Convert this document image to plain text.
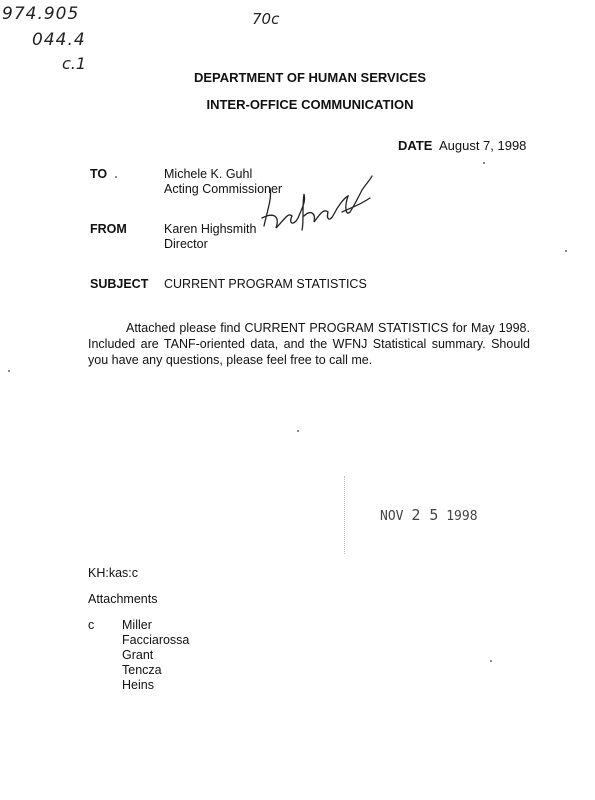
974.905
044.4
c.1
70c
DEPARTMENT OF HUMAN SERVICES
INTER-OFFICE COMMUNICATION
DATE August 7, 1998
TO	Michele K. Guhl
Acting Commissioner
FROM	Karen Highsmith
Director
SUBJECT CURRENT PROGRAM STATISTICS
Attached please find CURRENT PROGRAM STATISTICS for May 1998. Included are TANF-oriented data, and the WFNJ Statistical summary. Should you have any questions, please feel free to call me.
NOV 2 5 1998
KH:kas:c
Attachments
c Miller
Facciarossa
Grant
Tencza
Heins
